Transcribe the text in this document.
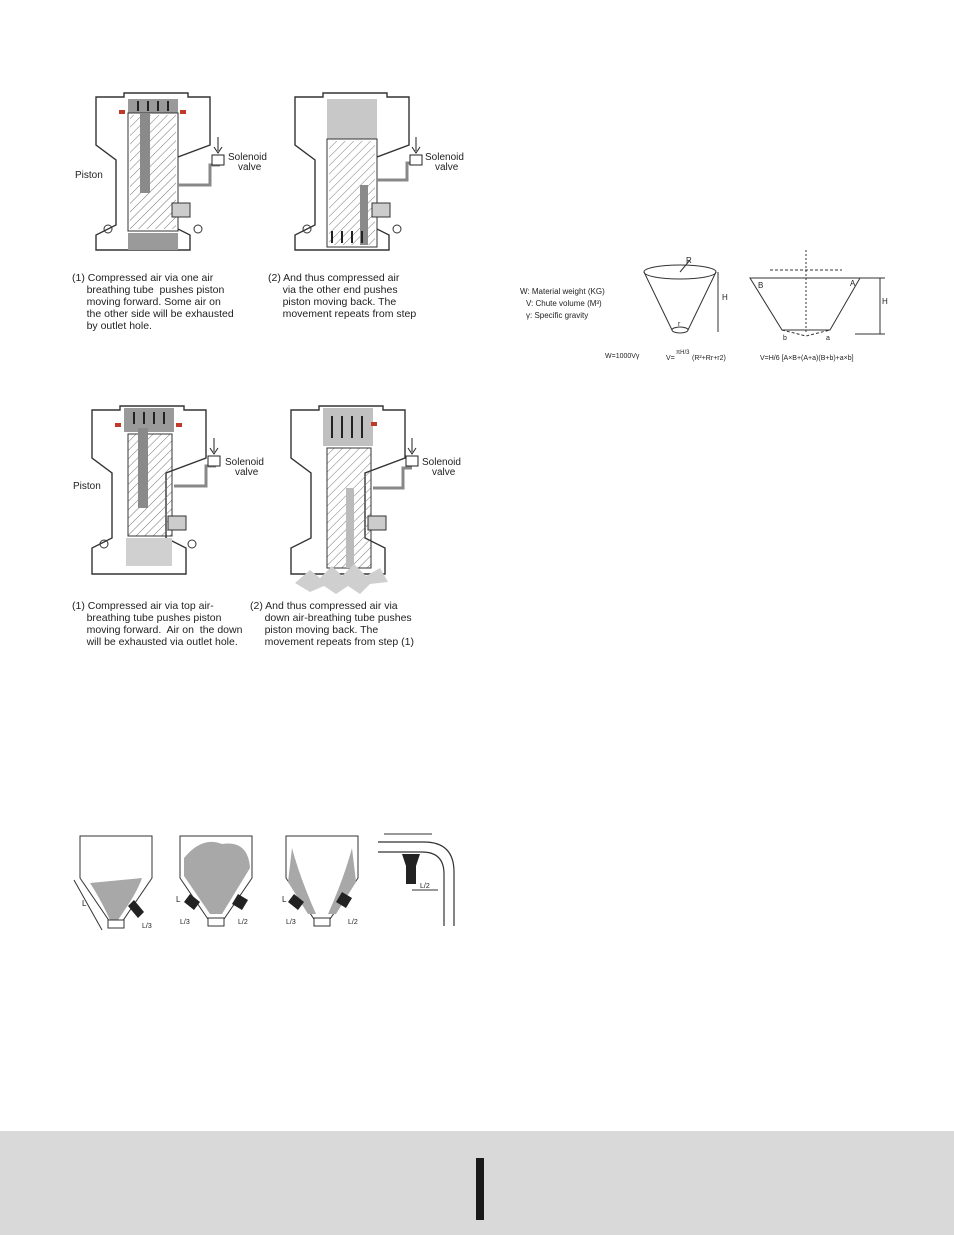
Piston
Solenoid
valve
Solenoid
valve
(1) Compressed air via one air
breathing tube  pushes piston
moving forward. Some air on
the other side will be exhausted
by outlet hole.
(2) And thus compressed air
via the other end pushes
piston moving back. The
movement repeats from step
R
r
H
B	A
b	a
H
W: Material weight (KG)
V: Chute volume (M³)
γ: Specific gravity
W=1000Vγ	V=
πH/3
(R²+Rr+r2)	V=H/6 [A×B+(A+a)(B+b)+a×b]
Piston
Solenoid
valve
Solenoid
valve
(1) Compressed air via top air-
breathing tube pushes piston
moving forward.  Air on  the down
will be exhausted via outlet hole.
(2) And thus compressed air via
down air-breathing tube pushes
piston moving back. The
movement repeats from step (1)
L
L/3
L
L/3	L/2
L
L/3	L/2
L/2
